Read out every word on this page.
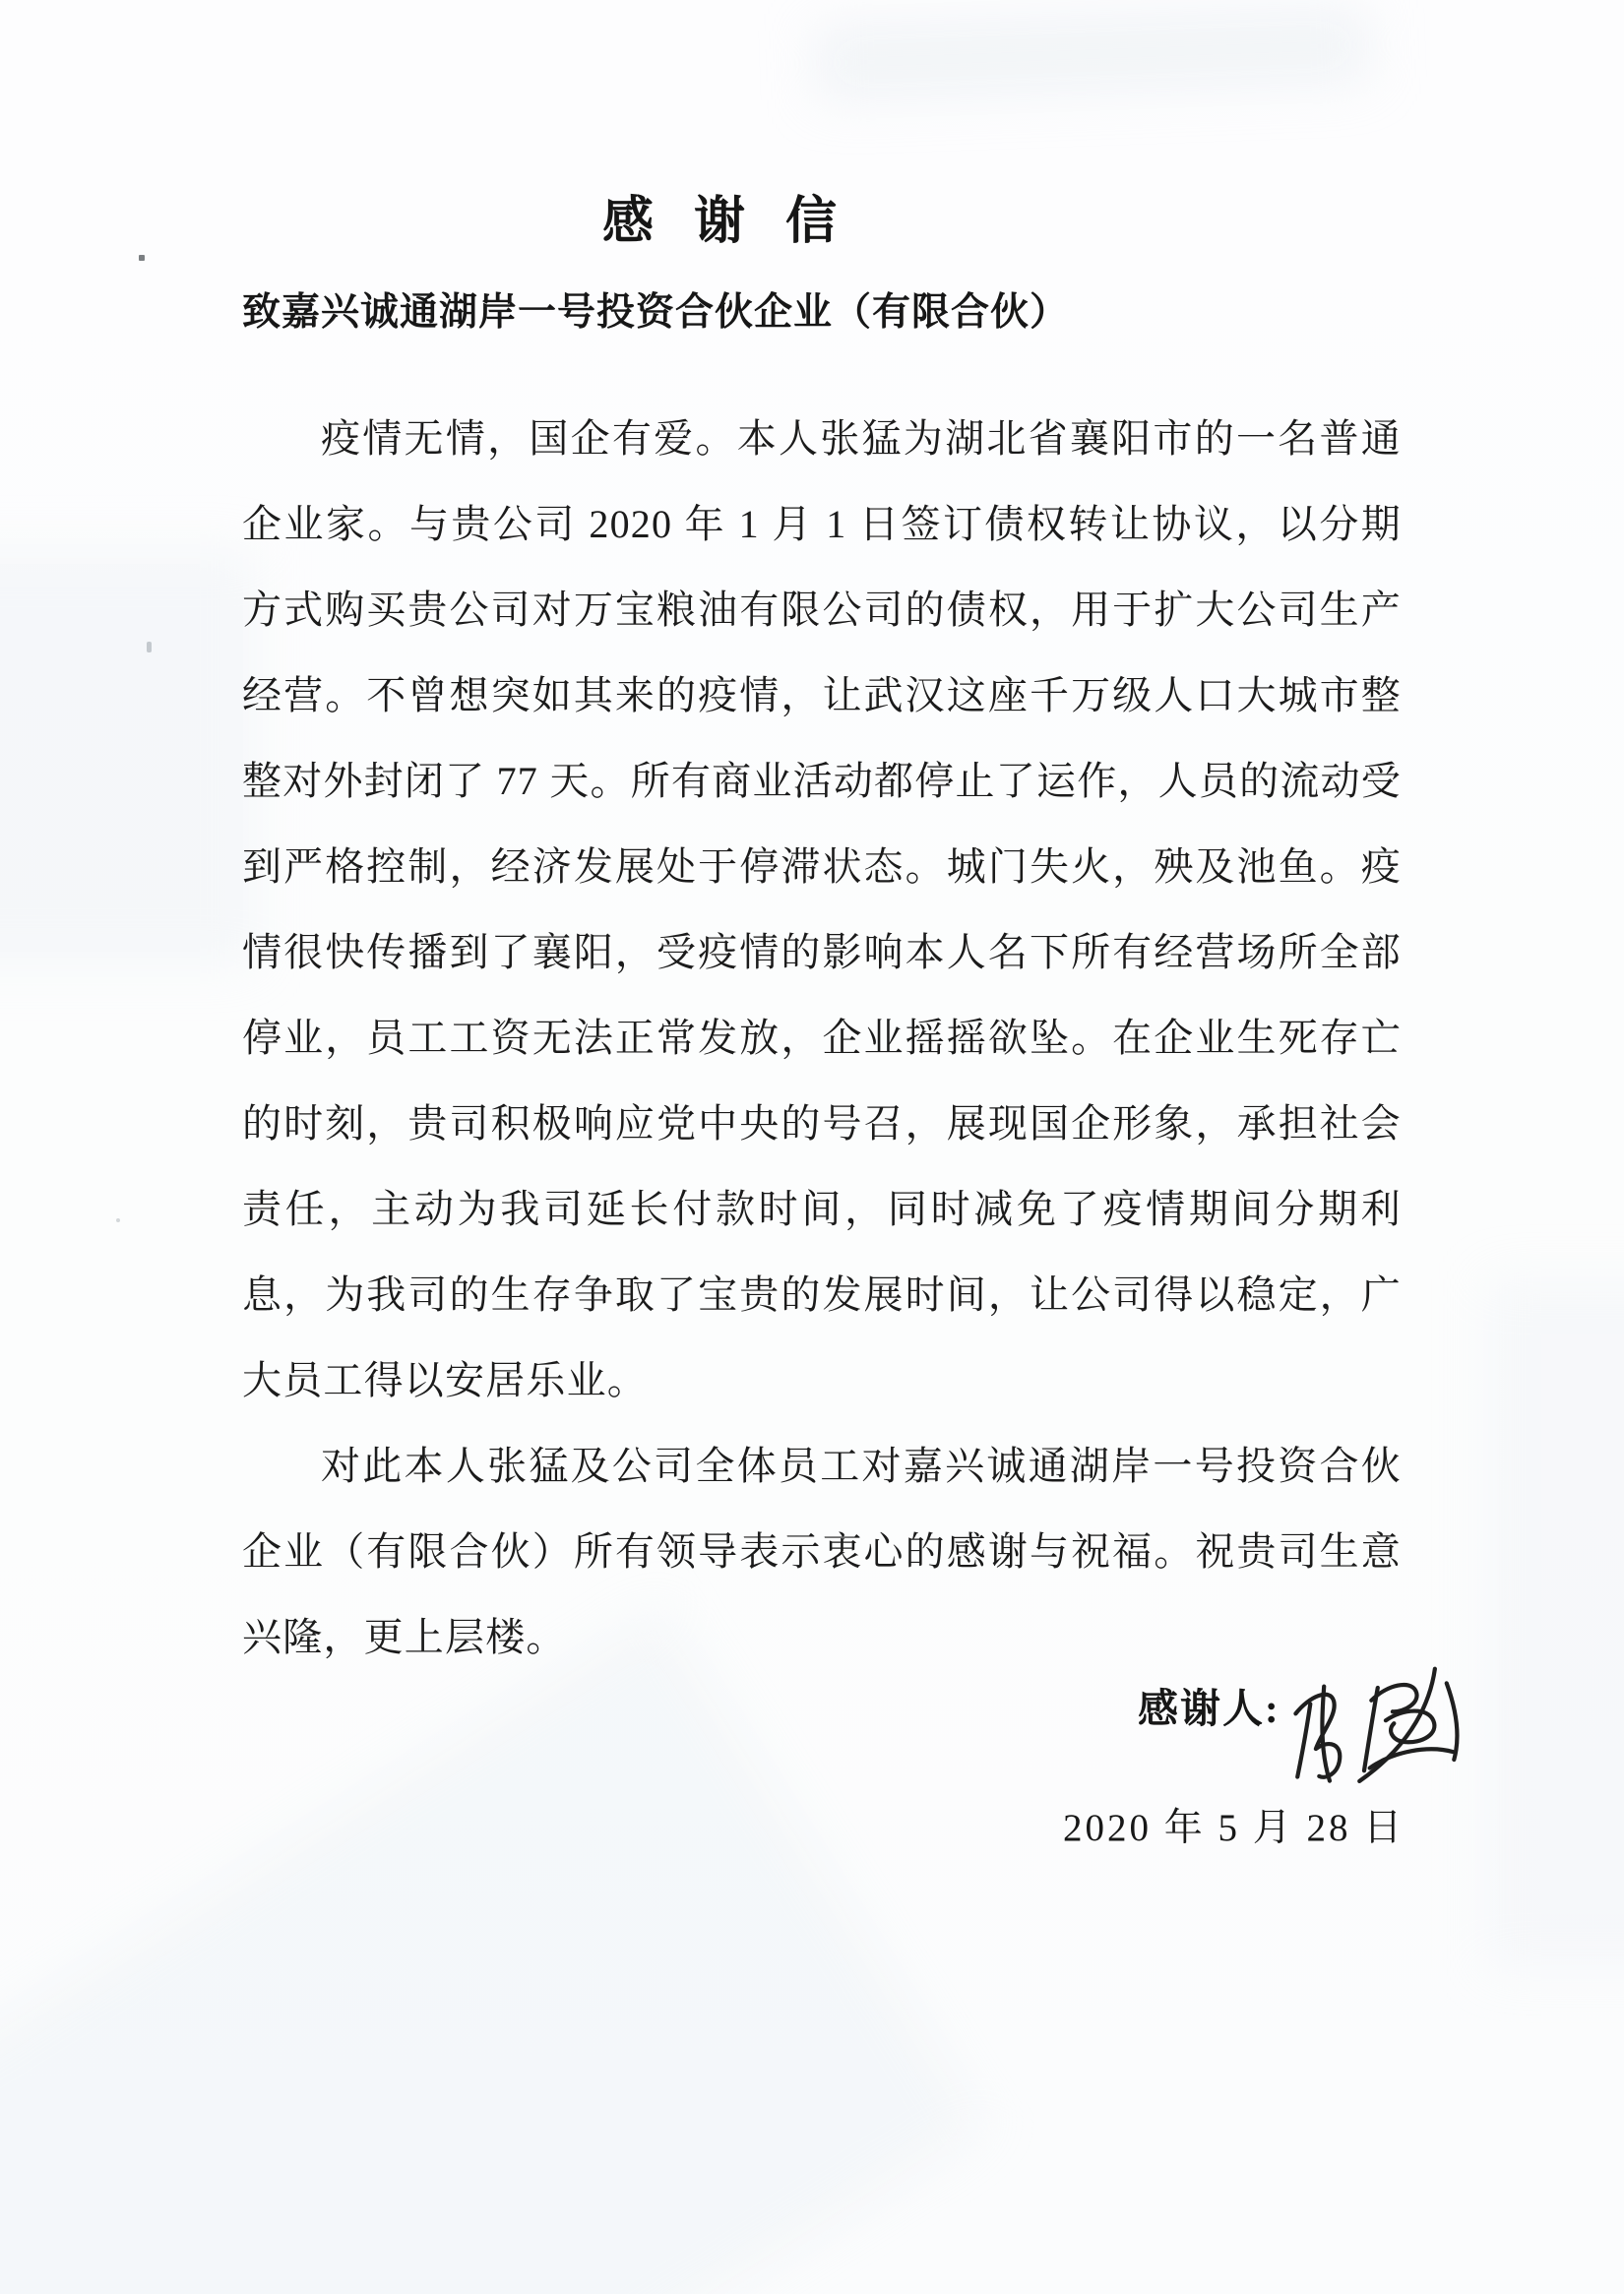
感 谢 信
致嘉兴诚通湖岸一号投资合伙企业（有限合伙）

疫情无情，国企有爱。本人张猛为湖北省襄阳市的一名普通企业家。与贵公司 2020 年 1 月 1 日签订债权转让协议，以分期方式购买贵公司对万宝粮油有限公司的债权，用于扩大公司生产经营。不曾想突如其来的疫情，让武汉这座千万级人口大城市整整对外封闭了 77 天。所有商业活动都停止了运作，人员的流动受到严格控制，经济发展处于停滞状态。城门失火，殃及池鱼。疫情很快传播到了襄阳，受疫情的影响本人名下所有经营场所全部停业，员工工资无法正常发放，企业摇摇欲坠。在企业生死存亡的时刻，贵司积极响应党中央的号召，展现国企形象，承担社会责任，主动为我司延长付款时间，同时减免了疫情期间分期利息，为我司的生存争取了宝贵的发展时间，让公司得以稳定，广大员工得以安居乐业。

对此本人张猛及公司全体员工对嘉兴诚通湖岸一号投资合伙企业（有限合伙）所有领导表示衷心的感谢与祝福。祝贵司生意兴隆，更上层楼。

感谢人:
2020 年 5 月 28 日
